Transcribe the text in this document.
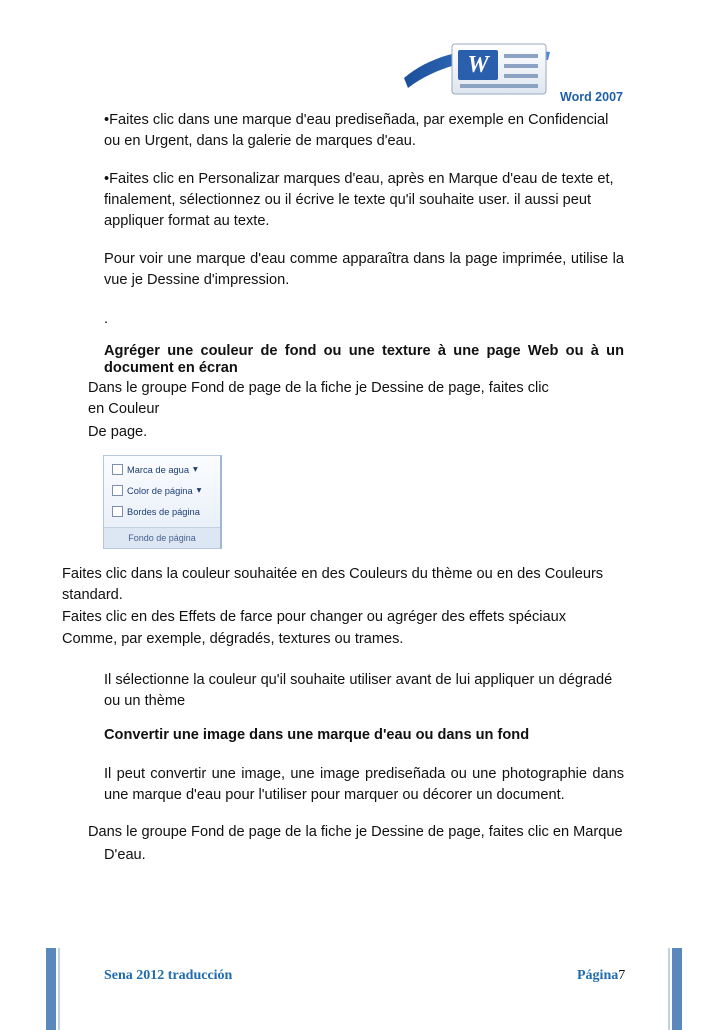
W
Word 2007

•Faites clic dans une marque d'eau prediseñada, par exemple en Confidencial ou en Urgent, dans la galerie de marques d'eau.

•Faites clic en Personalizar marques d'eau, après en Marque d'eau de texte et, finalement, sélectionnez ou il écrive le texte qu'il souhaite user. il aussi peut appliquer format au texte.

Pour voir une marque d'eau comme apparaîtra dans la page imprimée, utilise la vue je Dessine d'impression.

.

Agréger une couleur de fond ou une texture à une page Web ou à un document en écran

Dans le groupe Fond de page de la fiche je Dessine de page, faites clic

en Couleur

De page.

Marca de agua ▾
Color de página ▾
Bordes de página
Fondo de página

Faites clic dans la couleur souhaitée en des Couleurs du thème ou en des Couleurs standard.

Faites clic en des Effets de farce pour changer ou agréger des effets spéciaux

Comme, par exemple, dégradés, textures ou trames.

Il sélectionne la couleur qu'il souhaite utiliser avant de lui appliquer un dégradé ou un thème

Convertir une image dans une marque d'eau ou dans un fond

Il peut convertir une image, une image prediseñada ou une photographie dans une marque d'eau pour l'utiliser pour marquer ou décorer un document.

Dans le groupe Fond de page de la fiche je Dessine de page, faites clic en Marque

D'eau.

Sena 2012 traducción	Página7
